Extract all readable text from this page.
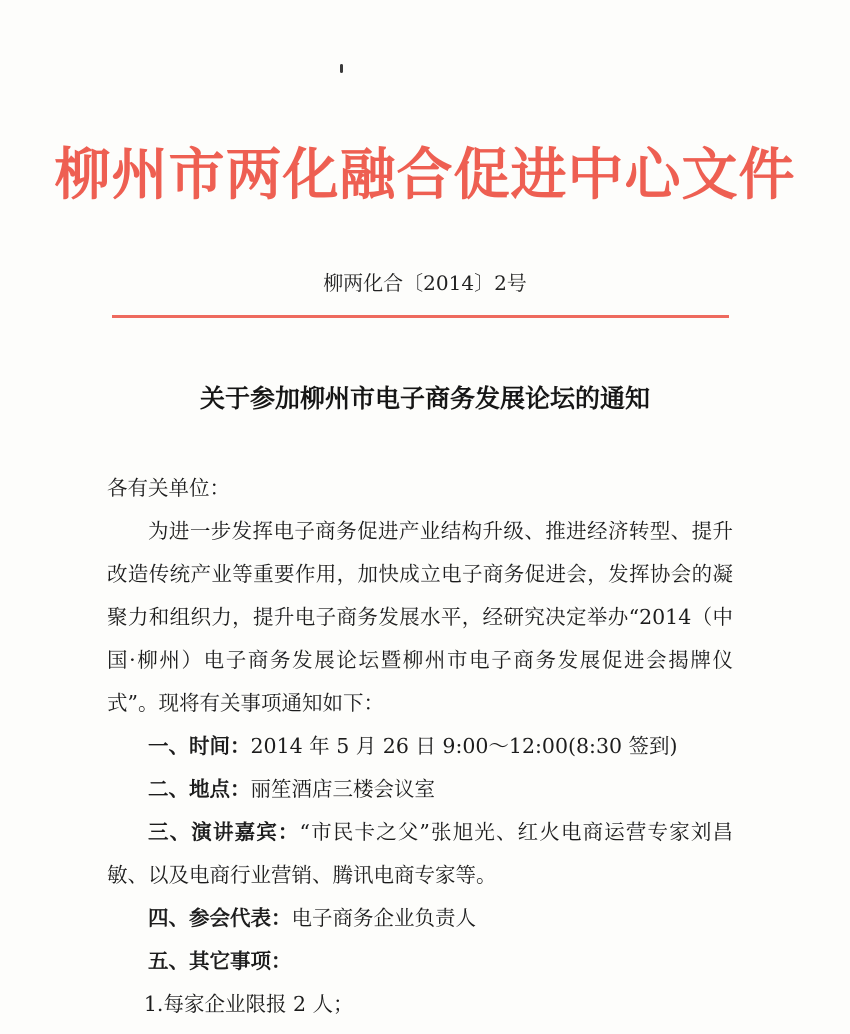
柳州市两化融合促进中心文件
柳两化合〔2014〕2号
关于参加柳州市电子商务发展论坛的通知

各有关单位：

为进一步发挥电子商务促进产业结构升级、推进经济转型、提升改造传统产业等重要作用，加快成立电子商务促进会，发挥协会的凝聚力和组织力，提升电子商务发展水平，经研究决定举办“2014（中国·柳州）电子商务发展论坛暨柳州市电子商务发展促进会揭牌仪式”。现将有关事项通知如下：

一、时间：2014 年 5 月 26 日 9:00～12:00(8:30 签到)

二、地点：丽笙酒店三楼会议室

三、演讲嘉宾：“市民卡之父”张旭光、红火电商运营专家刘昌敏、以及电商行业营销、腾讯电商专家等。

四、参会代表：电子商务企业负责人

五、其它事项：

1.每家企业限报 2 人；
